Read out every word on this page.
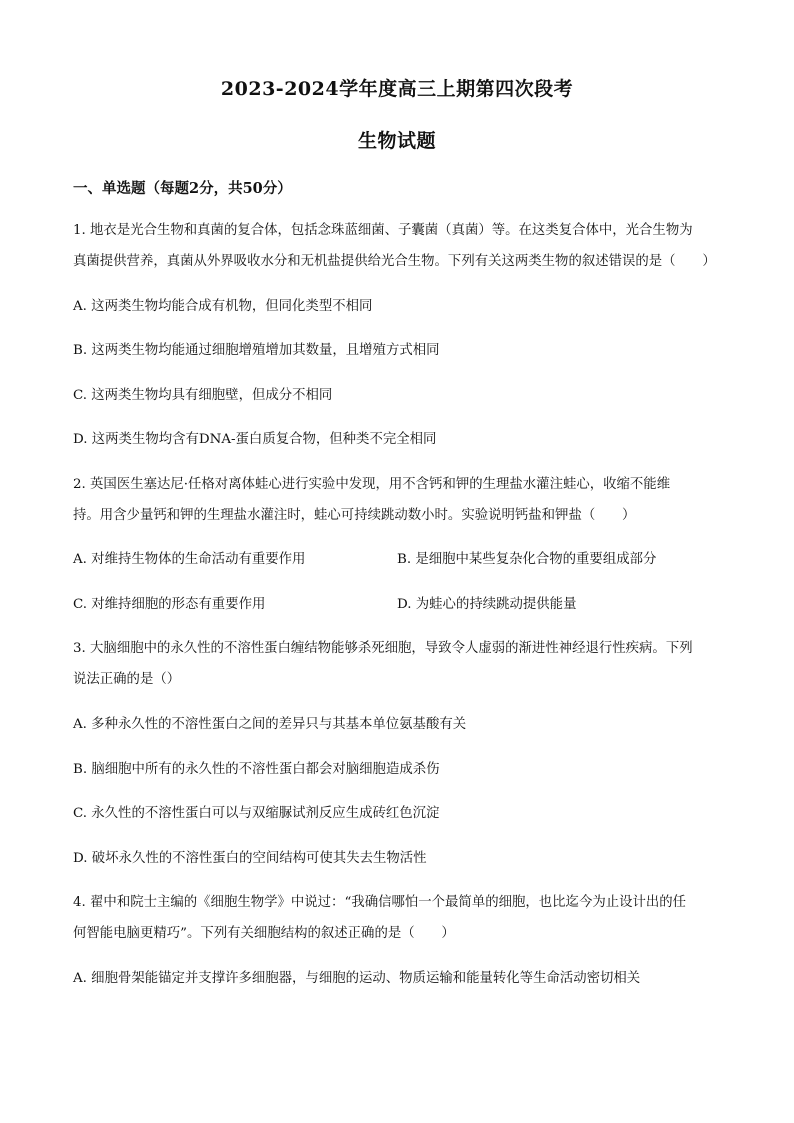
2023-2024学年度高三上期第四次段考
生物试题
一、单选题（每题2分，共50分）
1. 地衣是光合生物和真菌的复合体，包括念珠蓝细菌、子囊菌（真菌）等。在这类复合体中，光合生物为
真菌提供营养，真菌从外界吸收水分和无机盐提供给光合生物。下列有关这两类生物的叙述错误的是（　　）
A. 这两类生物均能合成有机物，但同化类型不相同
B. 这两类生物均能通过细胞增殖增加其数量，且增殖方式相同
C. 这两类生物均具有细胞壁，但成分不相同
D. 这两类生物均含有DNA-蛋白质复合物，但种类不完全相同
2. 英国医生塞达尼·任格对离体蛙心进行实验中发现，用不含钙和钾的生理盐水灌注蛙心，收缩不能维
持。用含少量钙和钾的生理盐水灌注时，蛙心可持续跳动数小时。实验说明钙盐和钾盐（　　）
A. 对维持生物体的生命活动有重要作用	B. 是细胞中某些复杂化合物的重要组成部分
C. 对维持细胞的形态有重要作用	D. 为蛙心的持续跳动提供能量
3. 大脑细胞中的永久性的不溶性蛋白缠结物能够杀死细胞，导致令人虚弱的渐进性神经退行性疾病。下列
说法正确的是（）
A. 多种永久性的不溶性蛋白之间的差异只与其基本单位氨基酸有关
B. 脑细胞中所有的永久性的不溶性蛋白都会对脑细胞造成杀伤
C. 永久性的不溶性蛋白可以与双缩脲试剂反应生成砖红色沉淀
D. 破坏永久性的不溶性蛋白的空间结构可使其失去生物活性
4. 翟中和院士主编的《细胞生物学》中说过：“我确信哪怕一个最简单的细胞，也比迄今为止设计出的任
何智能电脑更精巧”。下列有关细胞结构的叙述正确的是（　　）
A. 细胞骨架能锚定并支撑许多细胞器，与细胞的运动、物质运输和能量转化等生命活动密切相关
